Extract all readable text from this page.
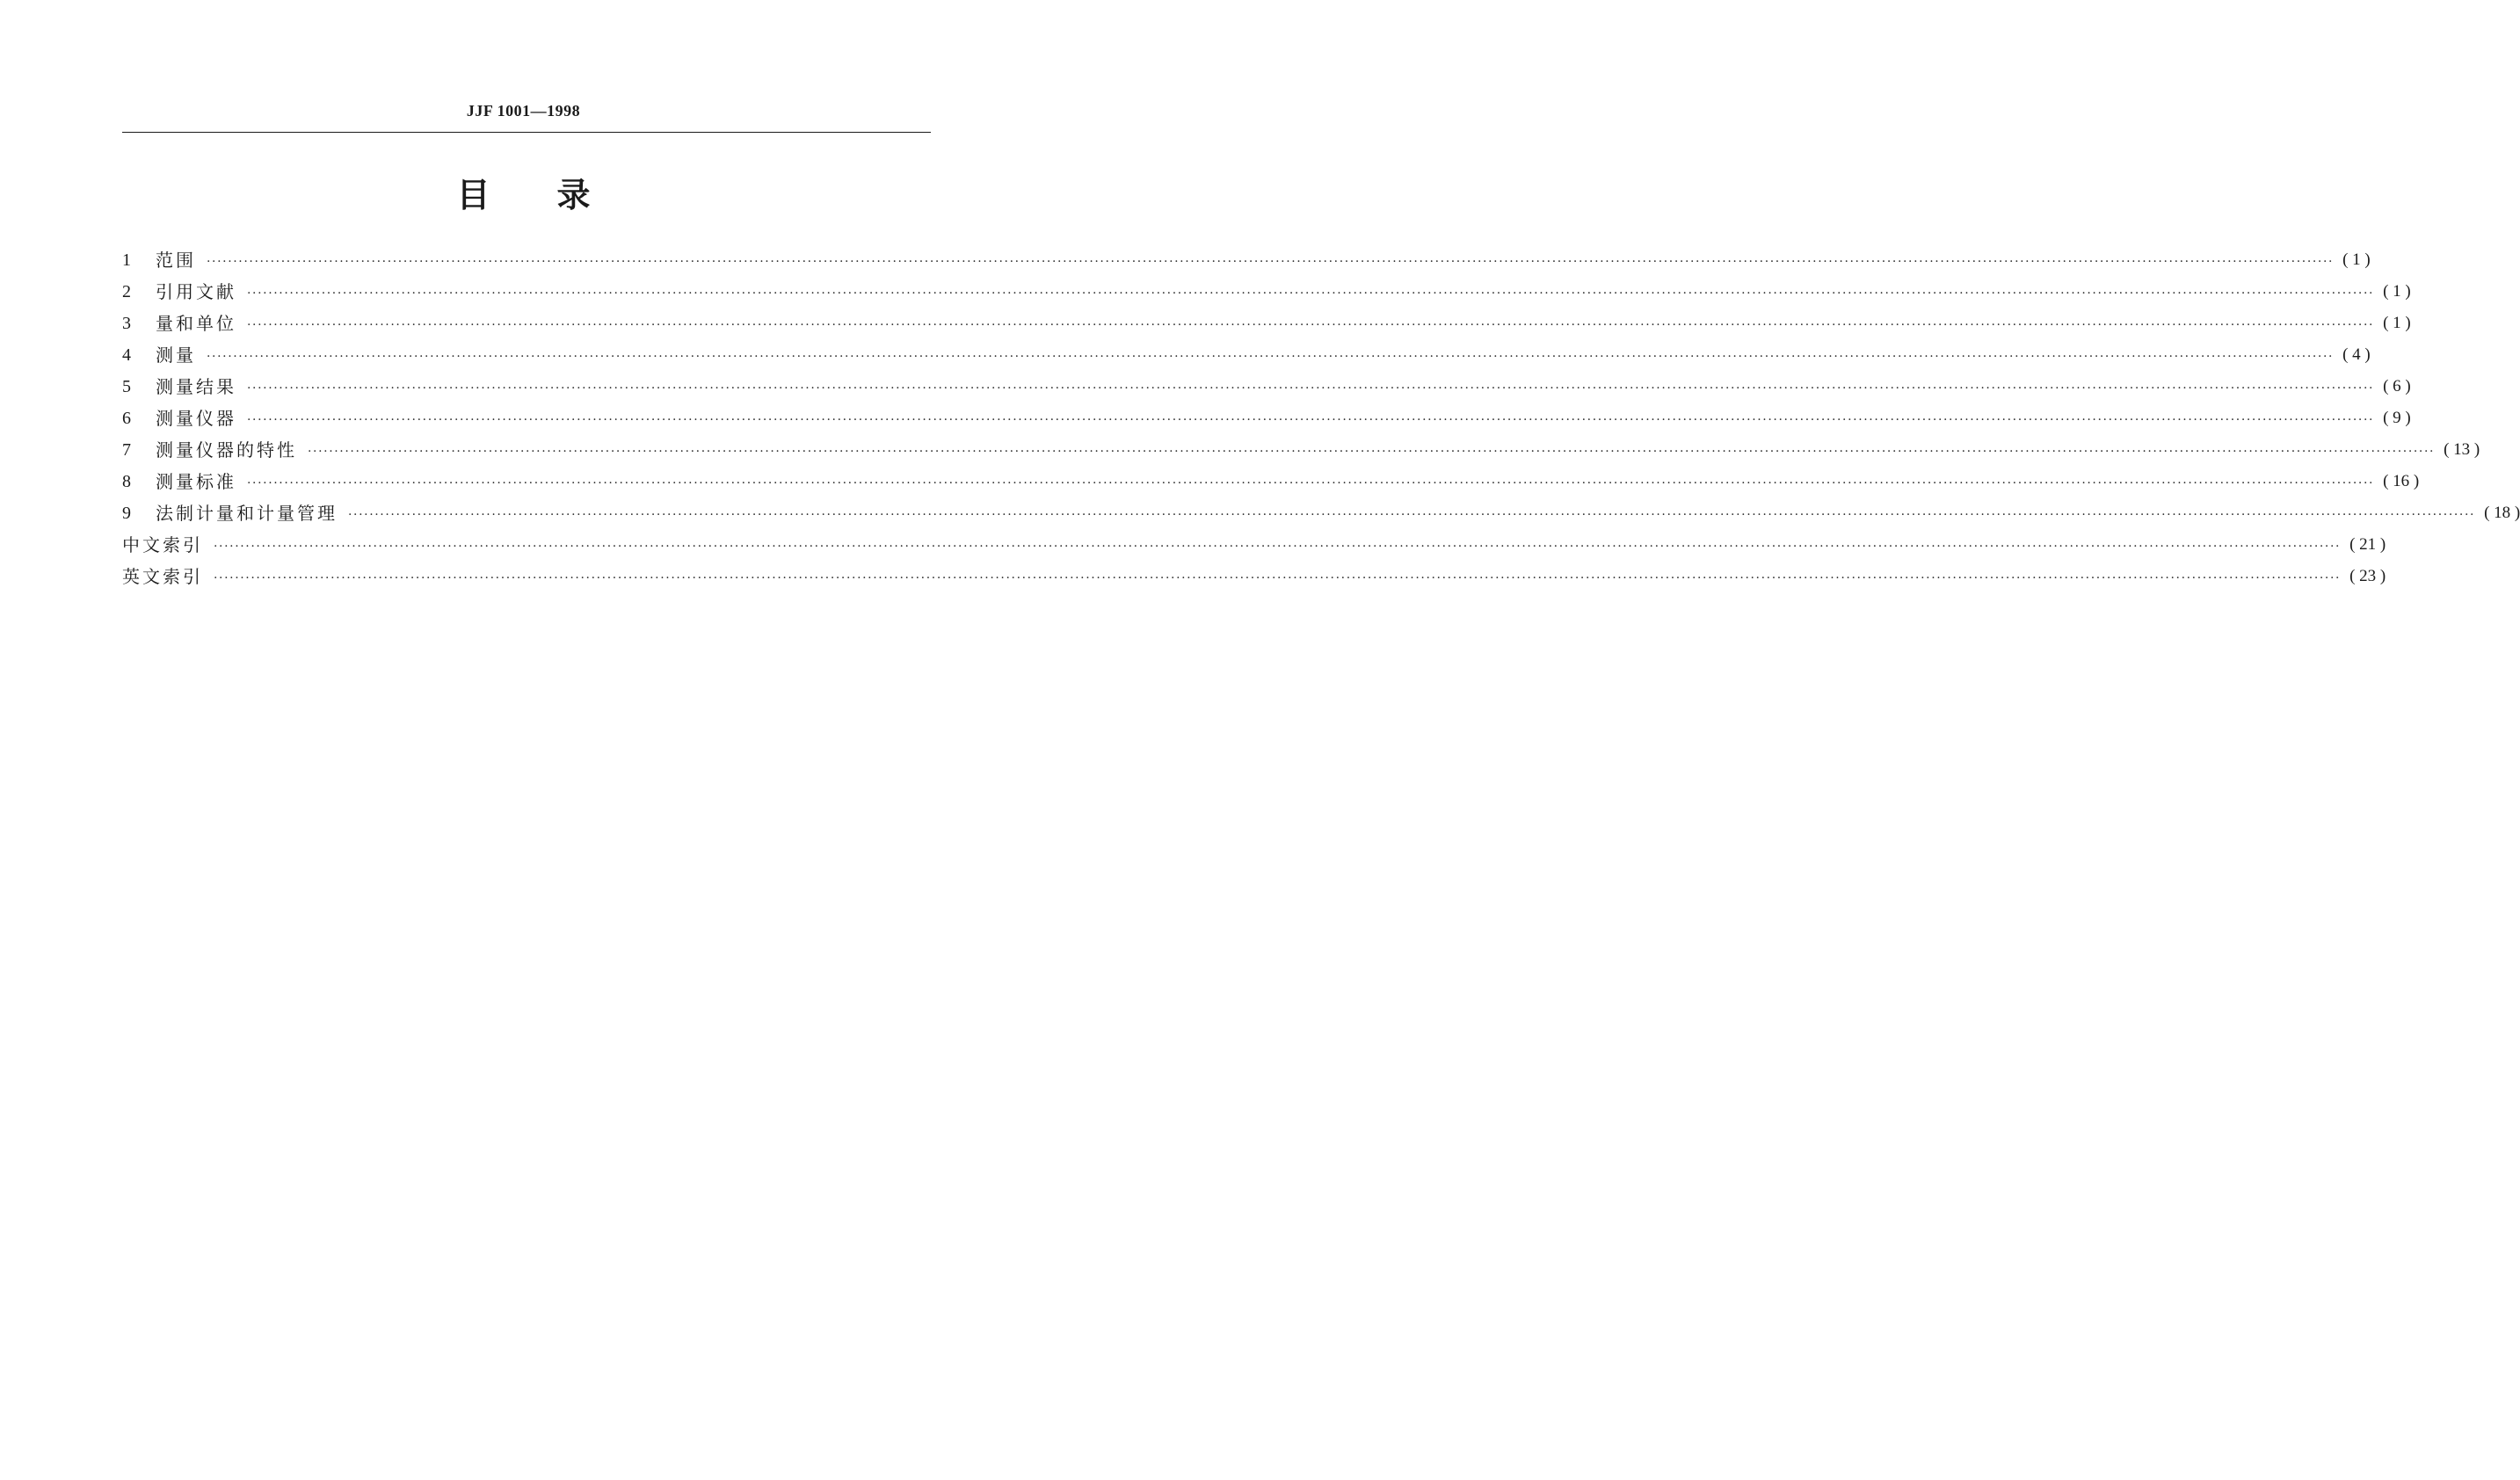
JJF 1001—1998
目录
1	范围 ················································································································································································································································································································································································································ ( 1 )
2	引用文献 ················································································································································································································································································································································································································ ( 1 )
3	量和单位 ················································································································································································································································································································································································································ ( 1 )
4	测量 ················································································································································································································································································································································································································ ( 4 )
5	测量结果 ················································································································································································································································································································································································································ ( 6 )
6	测量仪器 ················································································································································································································································································································································································································ ( 9 )
7	测量仪器的特性 ················································································································································································································································································································································································································ ( 13 )
8	测量标准 ················································································································································································································································································································································································································ ( 16 )
9	法制计量和计量管理 ················································································································································································································································································································································································································ ( 18 )
中文索引 ················································································································································································································································································································································································································ ( 21 )
英文索引 ················································································································································································································································································································································································································ ( 23 )
